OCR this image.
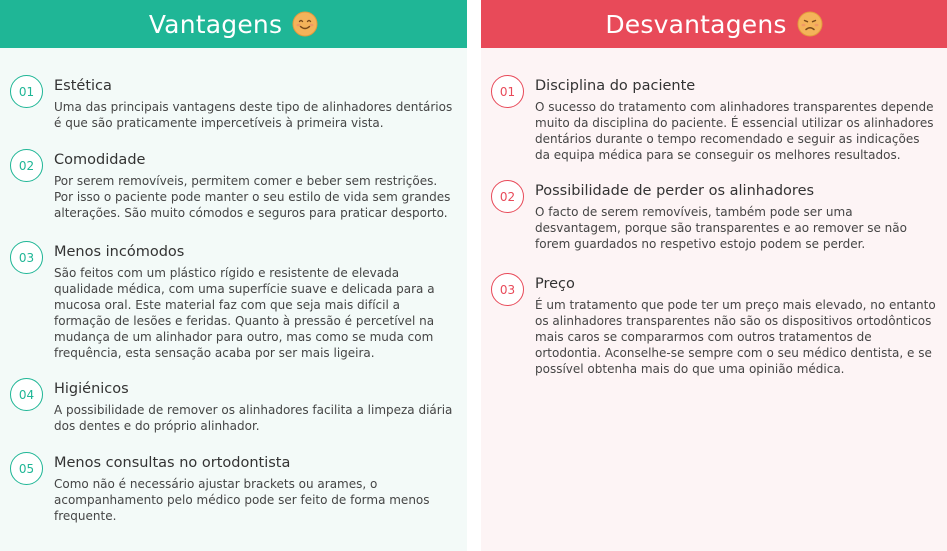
Vantagens
01	Estética
Uma das principais vantagens deste tipo de alinhadores dentários é que são praticamente impercetíveis à primeira vista.
02	Comodidade
Por serem removíveis, permitem comer e beber sem restrições. Por isso o paciente pode manter o seu estilo de vida sem grandes alterações. São muito cómodos e seguros para praticar desporto.
03	Menos incómodos
São feitos com um plástico rígido e resistente de elevada qualidade médica, com uma superfície suave e delicada para a mucosa oral. Este material faz com que seja mais difícil a formação de lesões e feridas. Quanto à pressão é percetível na mudança de um alinhador para outro, mas como se muda com frequência, esta sensação acaba por ser mais ligeira.
04	Higiénicos
A possibilidade de remover os alinhadores facilita a limpeza diária dos dentes e do próprio alinhador.
05	Menos consultas no ortodontista
Como não é necessário ajustar brackets ou arames, o acompanhamento pelo médico pode ser feito de forma menos frequente.
Desvantagens
01	Disciplina do paciente
O sucesso do tratamento com alinhadores transparentes depende muito da disciplina do paciente. É essencial utilizar os alinhadores dentários durante o tempo recomendado e seguir as indicações da equipa médica para se conseguir os melhores resultados.
02	Possibilidade de perder os alinhadores
O facto de serem removíveis, também pode ser uma desvantagem, porque são transparentes e ao remover se não forem guardados no respetivo estojo podem se perder.
03	Preço
É um tratamento que pode ter um preço mais elevado, no entanto os alinhadores transparentes não são os dispositivos ortodônticos mais caros se compararmos com outros tratamentos de ortodontia. Aconselhe-se sempre com o seu médico dentista, e se possível obtenha mais do que uma opinião médica.
